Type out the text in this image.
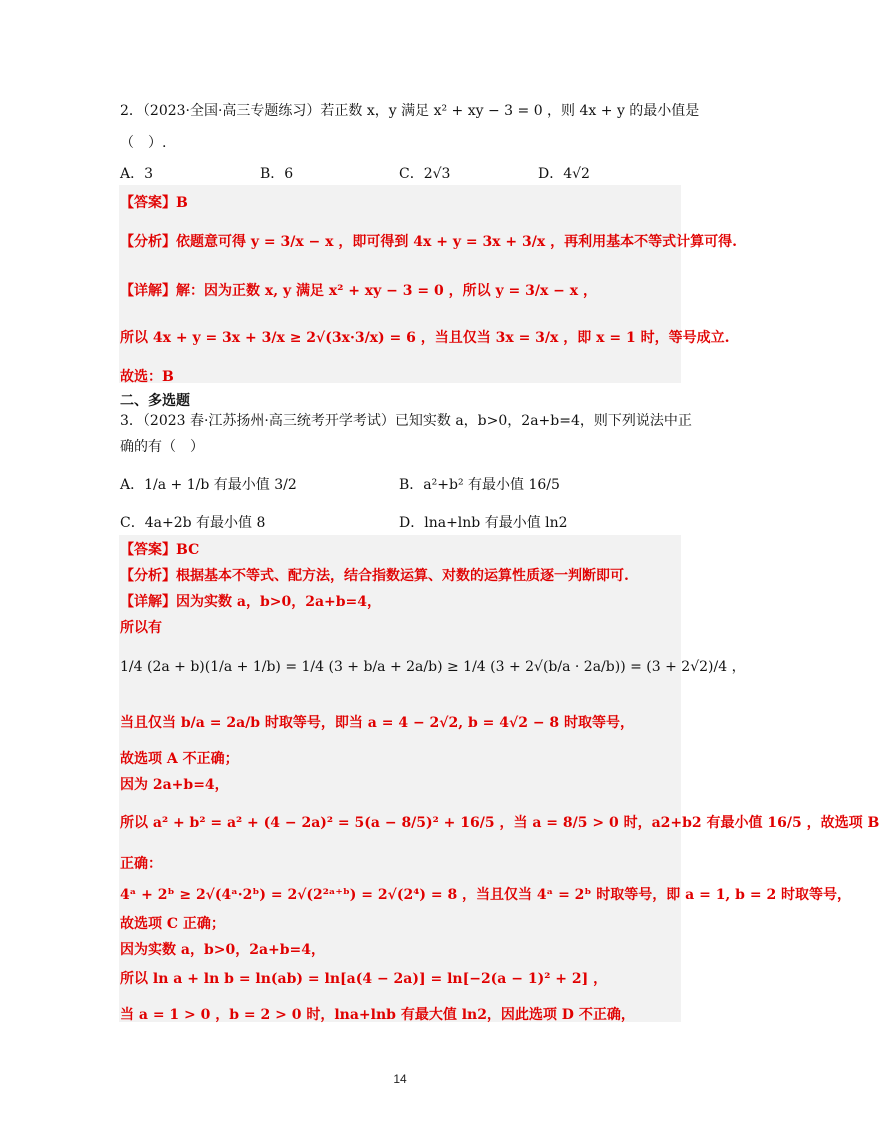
2．（2023·全国·高三专题练习）若正数 x，y 满足 x² + xy − 3 = 0 ，则 4x + y 的最小值是
（　）.
A．3	B．6	C．2√3	D．4√2
【答案】B
【分析】依题意可得 y = 3/x − x ，即可得到 4x + y = 3x + 3/x ，再利用基本不等式计算可得.
【详解】解：因为正数 x, y 满足 x² + xy − 3 = 0 ，所以 y = 3/x − x ，
所以 4x + y = 3x + 3/x ≥ 2√(3x·3/x) = 6 ，当且仅当 3x = 3/x ，即 x = 1 时，等号成立.
故选：B
二、多选题
3．（2023 春·江苏扬州·高三统考开学考试）已知实数 a，b>0，2a+b=4，则下列说法中正
确的有（　）
A．1/a + 1/b 有最小值 3/2	B．a²+b² 有最小值 16/5
C．4a+2b 有最小值 8	D．lna+lnb 有最小值 ln2
【答案】BC
【分析】根据基本不等式、配方法，结合指数运算、对数的运算性质逐一判断即可.
【详解】因为实数 a，b>0，2a+b=4，
所以有
1/4 (2a + b)(1/a + 1/b) = 1/4 (3 + b/a + 2a/b) ≥ 1/4 (3 + 2√(b/a · 2a/b)) = (3 + 2√2)/4 ，
当且仅当 b/a = 2a/b 时取等号，即当 a = 4 − 2√2, b = 4√2 − 8 时取等号，
故选项 A 不正确；
因为 2a+b=4，
所以 a² + b² = a² + (4 − 2a)² = 5(a − 8/5)² + 16/5 ，当 a = 8/5 > 0 时，a2+b2 有最小值 16/5 ，故选项 B
正确：
4ᵃ + 2ᵇ ≥ 2√(4ᵃ·2ᵇ) = 2√(2²ᵃ⁺ᵇ) = 2√(2⁴) = 8 ，当且仅当 4ᵃ = 2ᵇ 时取等号，即 a = 1, b = 2 时取等号，
故选项 C 正确；
因为实数 a，b>0，2a+b=4，
所以 ln a + ln b = ln(ab) = ln[a(4 − 2a)] = ln[−2(a − 1)² + 2] ，
当 a = 1 > 0 ，b = 2 > 0 时，lna+lnb 有最大值 ln2，因此选项 D 不正确，
14
